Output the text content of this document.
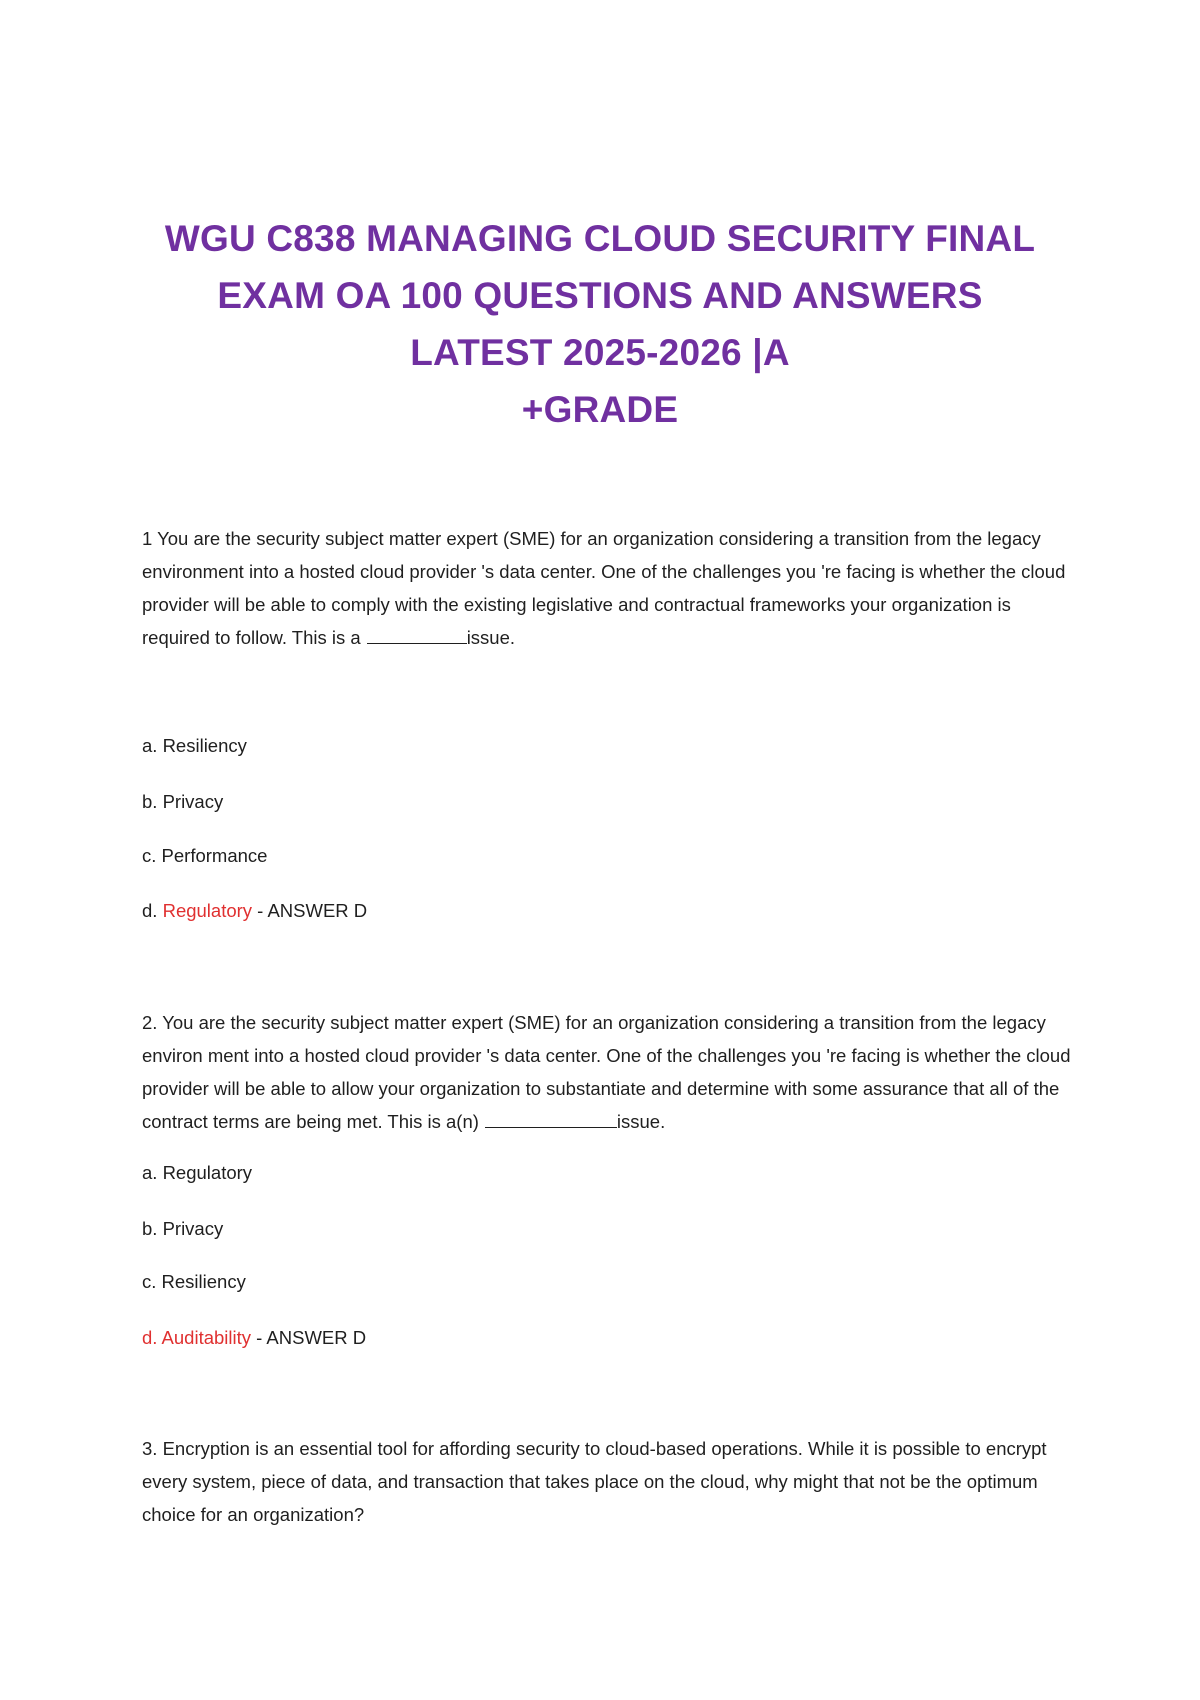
WGU C838 MANAGING CLOUD SECURITY FINAL
EXAM OA 100 QUESTIONS AND ANSWERS
LATEST 2025-2026 |A
+GRADE

1 You are the security subject matter expert (SME) for an organization considering a transition from the legacy environment into a hosted cloud provider 's data center. One of the challenges you 're facing is whether the cloud provider will be able to comply with the existing legislative and contractual frameworks your organization is required to follow. This is a	issue.

a. Resiliency

b. Privacy

c. Performance

d. Regulatory - ANSWER D

2. You are the security subject matter expert (SME) for an organization considering a transition from the legacy environ ment into a hosted cloud provider 's data center. One of the challenges you 're facing is whether the cloud provider will be able to allow your organization to substantiate and determine with some assurance that all of the contract terms are being met. This is a(n)	issue.

a. Regulatory

b. Privacy

c. Resiliency

d. Auditability - ANSWER D

3. Encryption is an essential tool for affording security to cloud-based operations. While it is possible to encrypt every system, piece of data, and transaction that takes place on the cloud, why might that not be the optimum choice for an organization?
